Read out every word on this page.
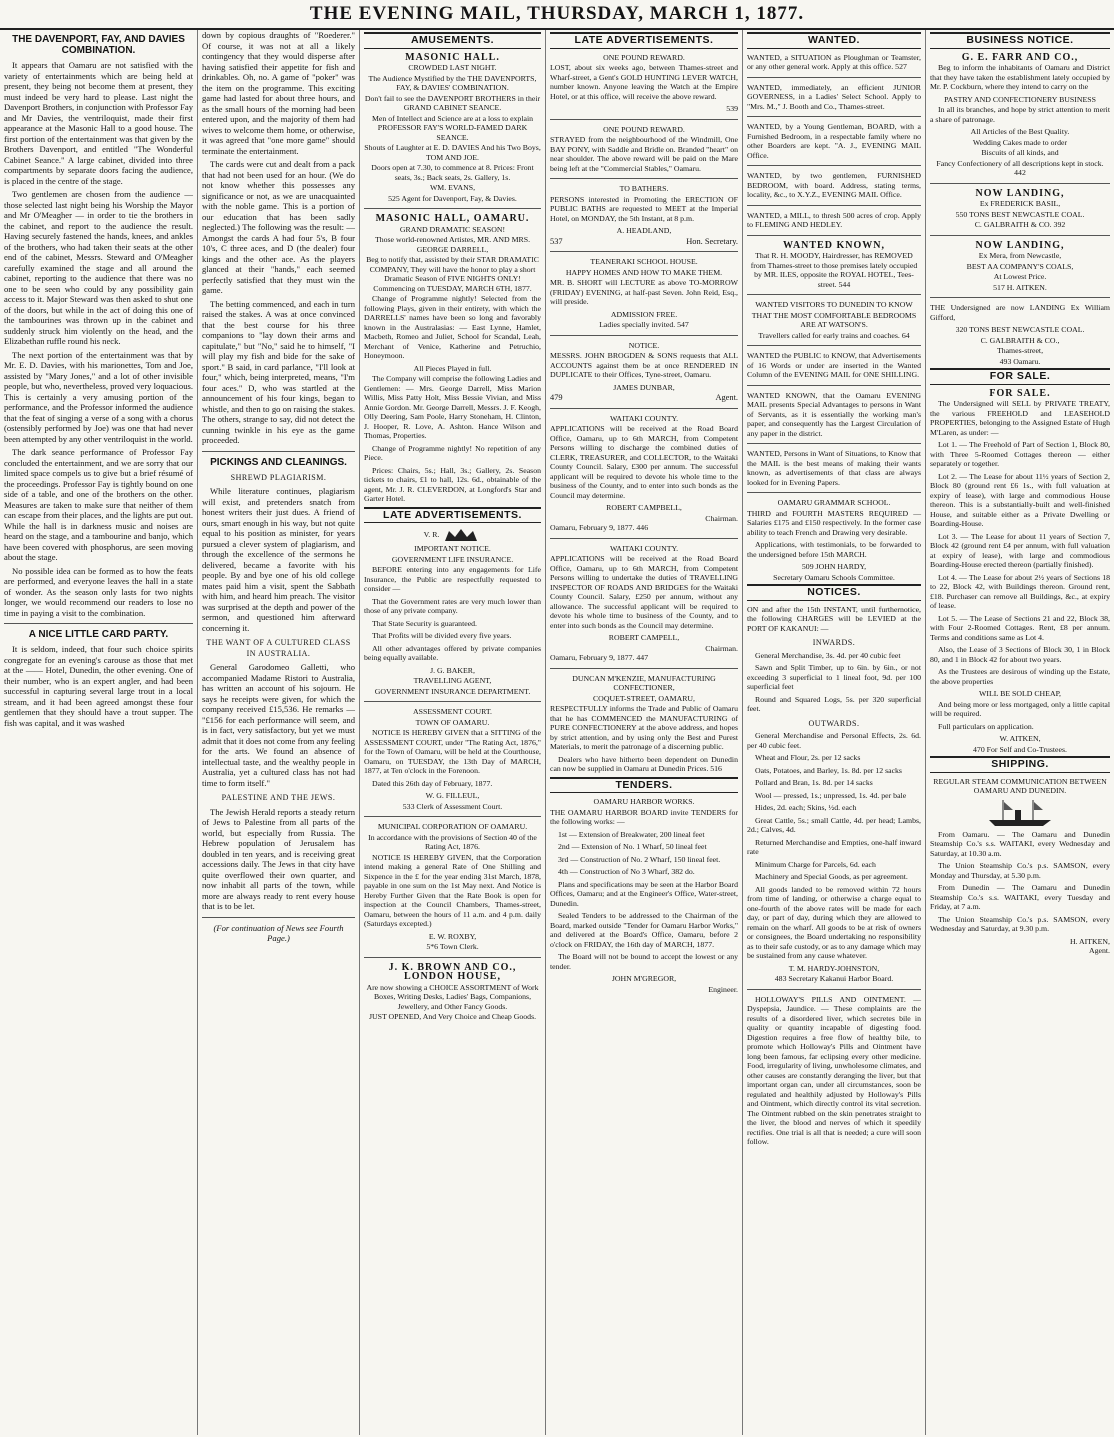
THE EVENING MAIL, THURSDAY, MARCH 1, 1877.
THE DAVENPORT, FAY, AND DAVIES COMBINATION.

It appears that Oamaru are not satisfied with the variety of entertainments which are being held at present, they being not become them at present, they must indeed be very hard to please. Last night the Davenport Brothers, in conjunction with Professor Fay and Mr Davies, the ventriloquist, made their first appearance at the Masonic Hall to a good house. The first portion of the entertainment was that given by the Brothers Davenport, and entitled "The Wonderful Cabinet Seance." A large cabinet, divided into three compartments by separate doors facing the audience, is placed in the centre of the stage.

Two gentlemen are chosen from the audience — those selected last night being his Worship the Mayor and Mr O'Meagher — in order to tie the brothers in the cabinet, and report to the audience the result. Having securely fastened the hands, knees, and ankles of the brothers, who had taken their seats at the other end of the cabinet, Messrs. Steward and O'Meagher carefully examined the stage and all around the cabinet, reporting to the audience that there was no one to be seen who could by any possibility gain access to it. Major Steward was then asked to shut one of the doors, but while in the act of doing this one of the tambourines was thrown up in the cabinet and suddenly struck him violently on the head, and the Elizabethan ruffle round his neck.

The next portion of the entertainment was that by Mr. E. D. Davies, with his marionettes, Tom and Joe, assisted by "Mary Jones," and a lot of other invisible people, but who, nevertheless, proved very loquacious. This is certainly a very amusing portion of the performance, and the Professor informed the audience that the feat of singing a verse of a song with a chorus (ostensibly performed by Joe) was one that had never been attempted by any other ventriloquist in the world.

The dark seance performance of Professor Fay concluded the entertainment, and we are sorry that our limited space compels us to give but a brief résumé of the proceedings. Professor Fay is tightly bound on one side of a table, and one of the brothers on the other. Measures are taken to make sure that neither of them can escape from their places, and the lights are put out. While the hall is in darkness music and noises are heard on the stage, and a tambourine and banjo, which have been covered with phosphorus, are seen moving about the stage.

No possible idea can be formed as to how the feats are performed, and everyone leaves the hall in a state of wonder. As the season only lasts for two nights longer, we would recommend our readers to lose no time in paying a visit to the combination.

A NICE LITTLE CARD PARTY.

It is seldom, indeed, that four such choice spirits congregate for an evening's carouse as those that met at the —— Hotel, Dunedin, the other evening. One of their number, who is an expert angler, and had been successful in capturing several large trout in a local stream, and it had been agreed amongst these four gentlemen that they should have a trout supper. The fish was capital, and it was washed

down by copious draughts of "Roederer." Of course, it was not at all a likely contingency that they would disperse after having satisfied their appetite for fish and drinkables. Oh, no. A game of "poker" was the item on the programme. This exciting game had lasted for about three hours, and as the small hours of the morning had been entered upon, and the majority of them had wives to welcome them home, or otherwise, it was agreed that "one more game" should terminate the entertainment.

The cards were cut and dealt from a pack that had not been used for an hour. (We do not know whether this possesses any significance or not, as we are unacquainted with the noble game. This is a portion of our education that has been sadly neglected.) The following was the result: — Amongst the cards A had four 5's, B four 10's, C three aces, and D (the dealer) four kings and the other ace. As the players glanced at their "hands," each seemed perfectly satisfied that they must win the game.

The betting commenced, and each in turn raised the stakes. A was at once convinced that the best course for his three companions to "lay down their arms and capitulate," but "No," said he to himself, "I will play my fish and bide for the sake of sport." B said, in card parlance, "I'll look at four," which, being interpreted, means, "I'm four aces." D, who was startled at the announcement of his four kings, began to whistle, and then to go on raising the stakes. The others, strange to say, did not detect the cunning twinkle in his eye as the game proceeded.

PICKINGS AND CLEANINGS.
SHREWD PLAGIARISM.

While literature continues, plagiarism will exist, and pretenders snatch from honest writers their just dues. A friend of ours, smart enough in his way, but not quite equal to his position as minister, for years pursued a clever system of plagiarism, and through the excellence of the sermons he delivered, became a favorite with his people. By and bye one of his old college mates paid him a visit, spent the Sabbath with him, and heard him preach. The visitor was surprised at the depth and power of the sermon, and questioned him afterward concerning it.

THE WANT OF A CULTURED CLASS IN AUSTRALIA.

General Garodomeo Galletti, who accompanied Madame Ristori to Australia, has written an account of his sojourn. He says he receipts were given, for which the company received £15,536. He remarks — "£156 for each performance will seem, and is in fact, very satisfactory, but yet we must admit that it does not come from any feeling for the arts. We found an absence of intellectual taste, and the wealthy people in Australia, yet a cultured class has not had time to form itself."

PALESTINE AND THE JEWS.

The Jewish Herald reports a steady return of Jews to Palestine from all parts of the world, but especially from Russia. The Hebrew population of Jerusalem has doubled in ten years, and is receiving great accessions daily. The Jews in that city have quite overflowed their own quarter, and now inhabit all parts of the town, while more are always ready to rent every house that is to be let.

(For continuation of News see Fourth Page.)
AMUSEMENTS.
MASONIC HALL.
CROWDED LAST NIGHT.
The Audience Mystified by the THE DAVENPORTS, FAY, & DAVIES' COMBINATION.
Don't fail to see the DAVENPORT BROTHERS in their GRAND CABINET SEANCE.
Men of Intellect and Science are at a loss to explain PROFESSOR FAY'S WORLD-FAMED DARK SEANCE.
Shouts of Laughter at E. D. DAVIES And his Two Boys, TOM AND JOE.
Doors open at 7.30, to commence at 8. Prices: Front seats, 3s.; Back seats, 2s. Gallery, 1s.
WM. EVANS,
525 Agent for Davenport, Fay, & Davies.
MASONIC HALL, OAMARU.
GRAND DRAMATIC SEASON!
Those world-renowned Artistes, MR. AND MRS. GEORGE DARRELL,
Beg to notify that, assisted by their STAR DRAMATIC COMPANY, They will have the honor to play a short Dramatic Season of FIVE NIGHTS ONLY! Commencing on TUESDAY, MARCH 6TH, 1877.

Change of Programme nightly! Selected from the following Plays, given in their entirety, with which the DARRELLS' names have been so long and favorably known in the Australasias: — East Lynne, Hamlet, Macbeth, Romeo and Juliet, School for Scandal, Leah, Merchant of Venice, Katherine and Petruchio, Honeymoon.

All Pieces Played in full.

The Company will comprise the following Ladies and Gentlemen: — Mrs. George Darrell, Miss Marion Willis, Miss Patty Holt, Miss Bessie Vivian, and Miss Annie Gordon. Mr. George Darrell, Messrs. J. F. Keogh, Olly Deering, Sam Poole, Harry Stoneham, H. Clinton, J. Hooper, R. Love, A. Ashton. Hance Wilson and Thomas, Properties.

Change of Programme nightly! No repetition of any Piece.

Prices: Chairs, 5s.; Hall, 3s.; Gallery, 2s. Season tickets to chairs, £1 to hall, 12s. 6d., obtainable of the agent, Mr. J. R. CLEVERDON, at Longford's Star and Garter Hotel.

LATE ADVERTISEMENTS.
V. R.
IMPORTANT NOTICE.
GOVERNMENT LIFE INSURANCE.

BEFORE entering into any engagements for Life Insurance, the Public are respectfully requested to consider —

That the Government rates are very much lower than those of any private company.

That State Security is guaranteed.

That Profits will be divided every five years.

All other advantages offered by private companies being equally available.

J. G. BAKER,
TRAVELLING AGENT,
GOVERNMENT INSURANCE DEPARTMENT.
ASSESSMENT COURT.
TOWN OF OAMARU.

NOTICE IS HEREBY GIVEN that a SITTING of the ASSESSMENT COURT, under "The Rating Act, 1876," for the Town of Oamaru, will be held at the Courthouse, Oamaru, on TUESDAY, the 13th Day of MARCH, 1877, at Ten o'clock in the Forenoon.

Dated this 26th day of February, 1877.

W. G. FILLEUL,
533 Clerk of Assessment Court.
MUNICIPAL CORPORATION OF OAMARU.
In accordance with the provisions of Section 40 of the Rating Act, 1876.

NOTICE IS HEREBY GIVEN, that the Corporation intend making a general Rate of One Shilling and Sixpence in the £ for the year ending 31st March, 1878, payable in one sum on the 1st May next. And Notice is Hereby Further Given that the Rate Book is open for inspection at the Council Chambers, Thames-street, Oamaru, between the hours of 11 a.m. and 4 p.m. daily (Saturdays excepted.)

E. W. ROXBY,
5*6 Town Clerk.
J. K. BROWN AND CO., LONDON HOUSE,
Are now showing a CHOICE ASSORTMENT of Work Boxes, Writing Desks, Ladies' Bags, Companions, Jewellery, and Other Fancy Goods.
JUST OPENED, And Very Choice and Cheap Goods.
LATE ADVERTISEMENTS.
ONE POUND REWARD.

LOST, about six weeks ago, between Thames-street and Wharf-street, a Gent's GOLD HUNTING LEVER WATCH, number known. Anyone leaving the Watch at the Empire Hotel, or at this office, will receive the above reward.

539
ONE POUND REWARD.

STRAYED from the neighbourhood of the Windmill, One BAY PONY, with Saddle and Bridle on. Branded "heart" on near shoulder. The above reward will be paid on the Mare being left at the "Commercial Stables," Oamaru.

TO BATHERS.

PERSONS interested in Promoting the ERECTION OF PUBLIC BATHS are requested to MEET at the Imperial Hotel, on MONDAY, the 5th Instant, at 8 p.m.

A. HEADLAND,
537	Hon. Secretary.
TEANERAKI SCHOOL HOUSE.
HAPPY HOMES AND HOW TO MAKE THEM.

MR. B. SHORT will LECTURE as above TO-MORROW (FRIDAY) EVENING, at half-past Seven. John Reid, Esq., will preside.

ADMISSION FREE.
Ladies specially invited. 547
NOTICE.

MESSRS. JOHN BROGDEN & SONS requests that ALL ACCOUNTS against them be at once RENDERED IN DUPLICATE to their Offices, Tyne-street, Oamaru.

JAMES DUNBAR,
479	Agent.
WAITAKI COUNTY.

APPLICATIONS will be received at the Road Board Office, Oamaru, up to 6th MARCH, from Competent Persons willing to discharge the combined duties of CLERK, TREASURER, and COLLECTOR, to the Waitaki County Council. Salary, £300 per annum. The successful applicant will be required to devote his whole time to the business of the County, and to enter into such bonds as the Council may determine.

ROBERT CAMPBELL,
Chairman.
Oamaru, February 9, 1877. 446
WAITAKI COUNTY.

APPLICATIONS will be received at the Road Board Office, Oamaru, up to 6th MARCH, from Competent Persons willing to undertake the duties of TRAVELLING INSPECTOR OF ROADS AND BRIDGES for the Waitaki County Council. Salary, £250 per annum, without any allowance. The successful applicant will be required to devote his whole time to business of the County, and to enter into such bonds as the Council may determine.

ROBERT CAMPELL,
Chairman.
Oamaru, February 9, 1877. 447
DUNCAN M'KENZIE, MANUFACTURING CONFECTIONER,
COQUET-STREET, OAMARU,

RESPECTFULLY informs the Trade and Public of Oamaru that he has COMMENCED the MANUFACTURING of PURE CONFECTIONERY at the above address, and hopes by strict attention, and by using only the Best and Purest Materials, to merit the patronage of a discerning public.

Dealers who have hitherto been dependent on Dunedin can now be supplied in Oamaru at Dunedin Prices. 516

TENDERS.
OAMARU HARBOR WORKS.

THE OAMARU HARBOR BOARD invite TENDERS for the following works: —

1st — Extension of Breakwater, 200 lineal feet

2nd — Extension of No. 1 Wharf, 50 lineal feet

3rd — Construction of No. 2 Wharf, 150 lineal feet.

4th — Construction of No 3 Wharf, 382 do.

Plans and specifications may be seen at the Harbor Board Offices, Oamaru; and at the Engineer's Office, Water-street, Dunedin.

Sealed Tenders to be addressed to the Chairman of the Board, marked outside "Tender for Oamaru Harbor Works," and delivered at the Board's Office, Oamaru, before 2 o'clock on FRIDAY, the 16th day of MARCH, 1877.

The Board will not be bound to accept the lowest or any tender.

JOHN M'GREGOR,
Engineer.
WANTED.

WANTED, a SITUATION as Ploughman or Teamster, or any other general work. Apply at this office. 527

WANTED, immediately, an efficient JUNIOR GOVERNESS, in a Ladies' Select School. Apply to "Mrs. M.," J. Booth and Co., Thames-street.

WANTED, by a Young Gentleman, BOARD, with a Furnished Bedroom, in a respectable family where no other Boarders are kept. "A. J., EVENING MAIL Office.

WANTED, by two gentlemen, FURNISHED BEDROOM, with board. Address, stating terms, locality, &c., to X.Y.Z., EVENING MAIL Office.

WANTED, a MILL, to thresh 500 acres of crop. Apply to FLEMING AND HEDLEY.

WANTED KNOWN,
That R. H. MOODY, Hairdresser, has REMOVED from Thames-street to those premises lately occupied by MR. ILES, opposite the ROYAL HOTEL, Tees-street. 544
WANTED VISITORS TO DUNEDIN TO KNOW
THAT THE MOST COMFORTABLE BEDROOMS ARE AT WATSON'S.
Travellers called for early trains and coaches. 64

WANTED the PUBLIC to KNOW, that Advertisements of 16 Words or under are inserted in the Wanted Column of the EVENING MAIL for ONE SHILLING.

WANTED KNOWN, that the Oamaru EVENING MAIL presents Special Advantages to persons in Want of Servants, as it is essentially the working man's paper, and consequently has the Largest Circulation of any paper in the district.

WANTED, Persons in Want of Situations, to Know that the MAIL is the best means of making their wants known, as advertisements of that class are always looked for in Evening Papers.

OAMARU GRAMMAR SCHOOL.

THIRD and FOURTH MASTERS REQUIRED — Salaries £175 and £150 respectively. In the former case ability to teach French and Drawing very desirable.

Applications, with testimonials, to be forwarded to the undersigned before 15th MARCH.

509 JOHN HARDY,
Secretary Oamaru Schools Committee.
NOTICES.

ON and after the 15th INSTANT, until furthernotice, the following CHARGES will be LEVIED at the PORT OF KAKANUI: —

INWARDS.

General Merchandise, 3s. 4d. per 40 cubic feet

Sawn and Split Timber, up to 6in. by 6in., or not exceeding 3 superficial to 1 lineal foot, 9d. per 100 superficial feet

Round and Squared Logs, 5s. per 320 superficial feet.

OUTWARDS.

General Merchandise and Personal Effects, 2s. 6d. per 40 cubic feet.

Wheat and Flour, 2s. per 12 sacks

Oats, Potatoes, and Barley, 1s. 8d. per 12 sacks

Pollard and Bran, 1s. 8d. per 14 sacks

Wool — pressed, 1s.; unpressed, 1s. 4d. per bale

Hides, 2d. each; Skins, ½d. each

Great Cattle, 5s.; small Cattle, 4d. per head; Lambs, 2d.; Calves, 4d.

Returned Merchandise and Empties, one-half inward rate

Minimum Charge for Parcels, 6d. each

Machinery and Special Goods, as per agreement.

All goods landed to be removed within 72 hours from time of landing, or otherwise a charge equal to one-fourth of the above rates will be made for each day, or part of day, during which they are allowed to remain on the wharf. All goods to be at risk of owners or consignees, the Board undertaking no responsibility as to their safe custody, or as to any damage which may be sustained from any cause whatever.

T. M. HARDY-JOHNSTON,
483 Secretary Kakanui Harbor Board.

HOLLOWAY'S PILLS AND OINTMENT. — Dyspepsia, Jaundice. — These complaints are the results of a disordered liver, which secretes bile in quality or quantity incapable of digesting food. Digestion requires a free flow of healthy bile, to promote which Holloway's Pills and Ointment have long been famous, far eclipsing every other medicine. Food, irregularity of living, unwholesome climates, and other causes are constantly deranging the liver, but that important organ can, under all circumstances, soon be regulated and healthily adjusted by Holloway's Pills and Ointment, which directly control its vital secretion. The Ointment rubbed on the skin penetrates straight to the liver, the blood and nerves of which it speedily rectifies. One trial is all that is needed; a cure will soon follow.

BUSINESS NOTICE.
G. E. FARR AND CO.,

Beg to inform the inhabitants of Oamaru and District that they have taken the establishment lately occupied by Mr. P. Cockburn, where they intend to carry on the

PASTRY AND CONFECTIONERY BUSINESS

In all its branches, and hope by strict attention to merit a share of patronage.

All Articles of the Best Quality.
Wedding Cakes made to order
Biscuits of all kinds, and
Fancy Confectionery of all descriptions kept in stock. 442
NOW LANDING,
Ex FREDERICK BASIL,
550 TONS BEST NEWCASTLE COAL.
C. GALBRAITH & CO. 392
NOW LANDING,
Ex Mera, from Newcastle,
BEST AA COMPANY'S COALS,
At Lowest Price.
517 H. AITKEN.

THE Undersigned are now LANDING Ex William Gifford,

320 TONS BEST NEWCASTLE COAL.
C. GALBRAITH & CO.,
Thames-street,
493 Oamaru.
FOR SALE.
FOR SALE.

The Undersigned will SELL by PRIVATE TREATY, the various FREEHOLD and LEASEHOLD PROPERTIES, belonging to the Assigned Estate of Hugh M'Laren, as under: —

Lot 1. — The Freehold of Part of Section 1, Block 80, with Three 5-Roomed Cottages thereon — either separately or together.

Lot 2. — The Lease for about 11½ years of Section 2, Block 80 (ground rent £6 1s., with full valuation at expiry of lease), with large and commodious House thereon. This is a substantially-built and well-finished House, and suitable either as a Private Dwelling or Boarding-House.

Lot 3. — The Lease for about 11 years of Section 7, Block 42 (ground rent £4 per annum, with full valuation at expiry of lease), with large and commodious Boarding-House erected thereon (partially finished).

Lot 4. — The Lease for about 2½ years of Sections 18 to 22, Block 42, with Buildings thereon. Ground rent, £18. Purchaser can remove all Buildings, &c., at expiry of lease.

Lot 5. — The Lease of Sections 21 and 22, Block 38, with Four 2-Roomed Cottages. Rent, £8 per annum. Terms and conditions same as Lot 4.

Also, the Lease of 3 Sections of Block 30, 1 in Block 80, and 1 in Block 42 for about two years.

As the Trustees are desirous of winding up the Estate, the above properties

WILL BE SOLD CHEAP,

And being more or less mortgaged, only a little capital will be required.

Full particulars on application.

W. AITKEN,
470 For Self and Co-Trustees.
SHIPPING.
REGULAR STEAM COMMUNICATION BETWEEN OAMARU AND DUNEDIN.

From Oamaru. — The Oamaru and Dunedin Steamship Co.'s s.s. WAITAKI, every Wednesday and Saturday, at 10.30 a.m.

The Union Steamship Co.'s p.s. SAMSON, every Monday and Thursday, at 5.30 p.m.

From Dunedin — The Oamaru and Dunedin Steamship Co.'s s.s. WAITAKI, every Tuesday and Friday, at 7 a.m.

The Union Steamship Co.'s p.s. SAMSON, every Wednesday and Saturday, at 9.30 p.m.

H. AITKEN,
Agent.
